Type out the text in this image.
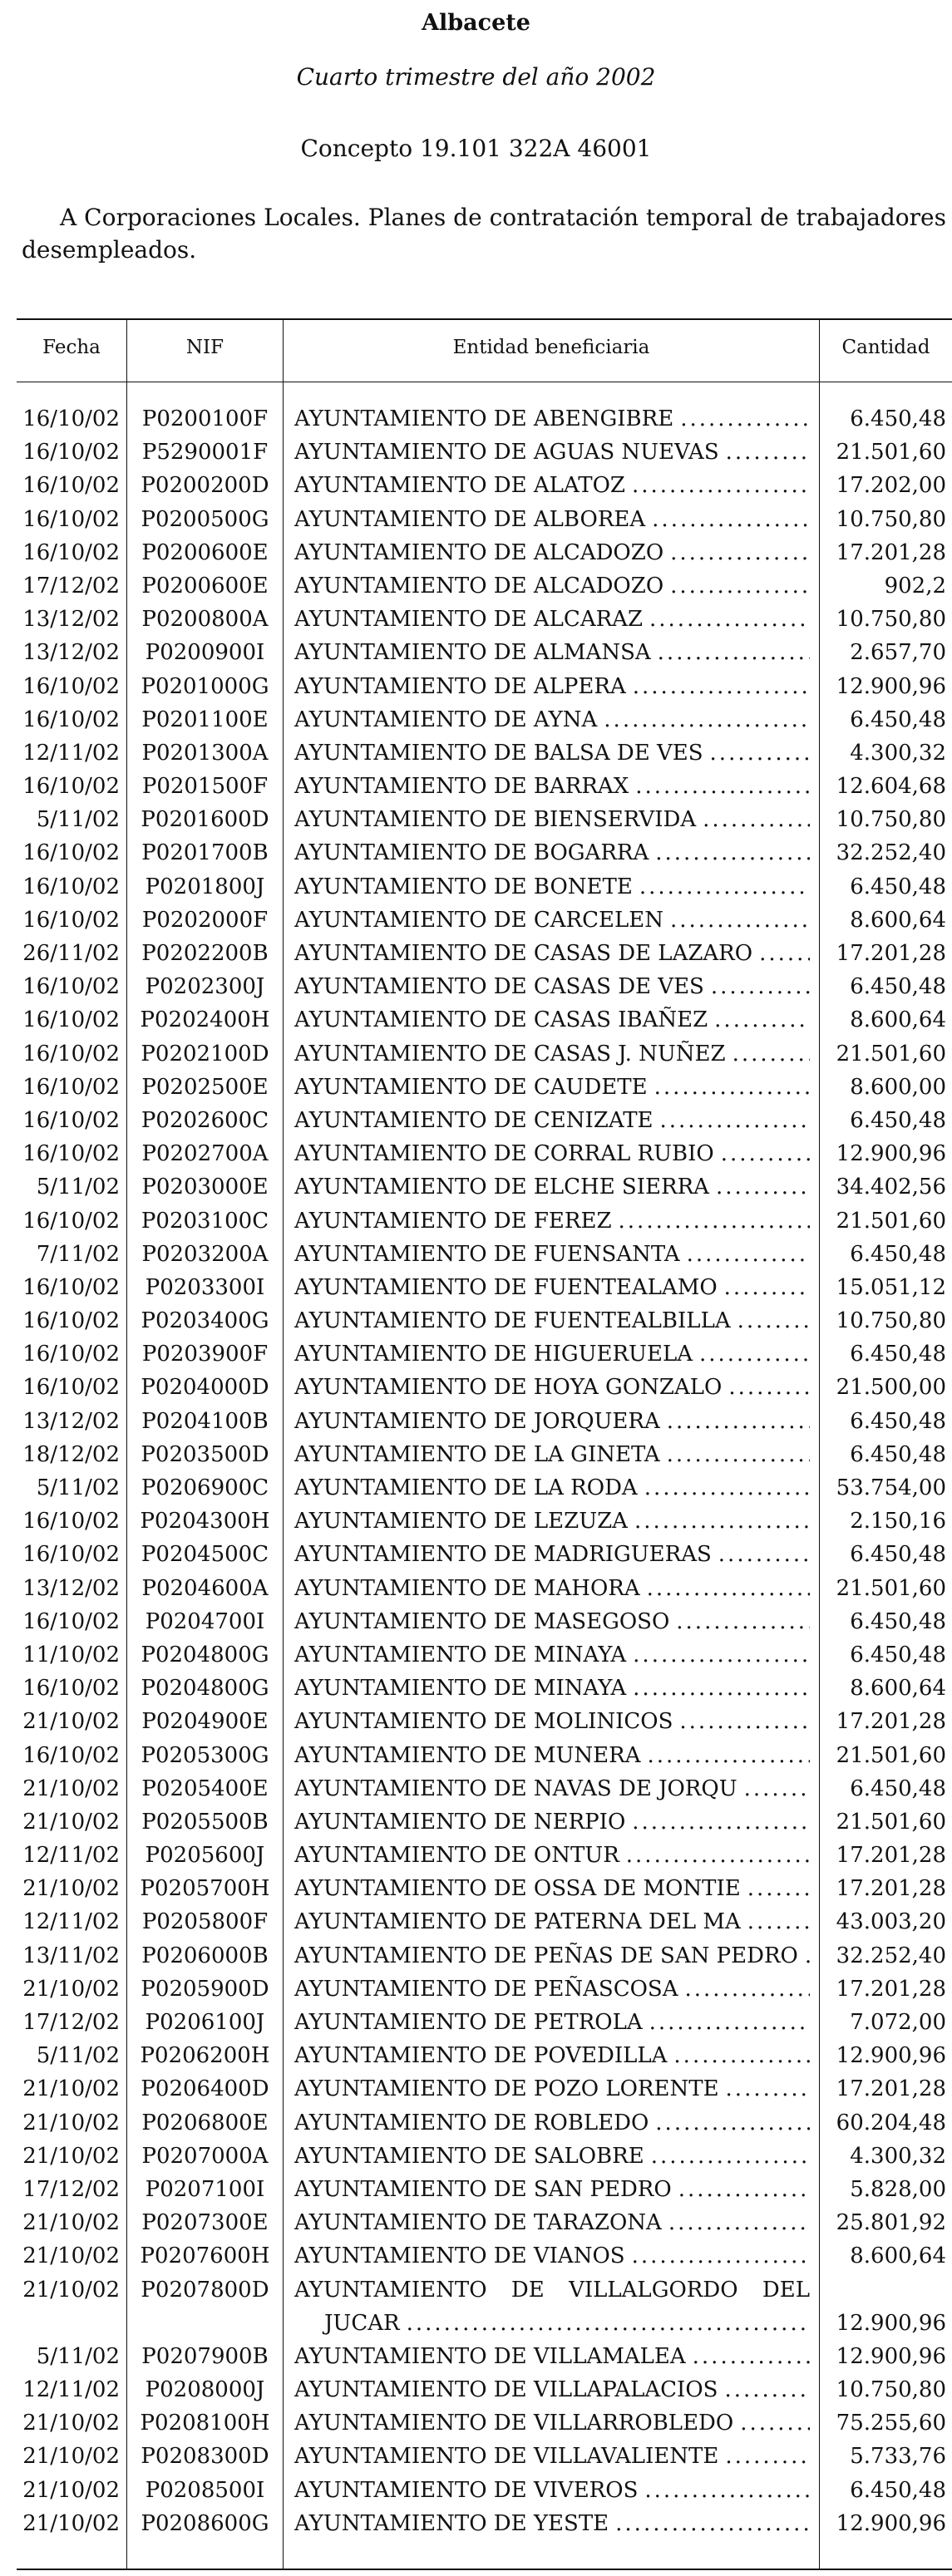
Albacete
Cuarto trimestre del año 2002
Concepto 19.101 322A 46001
A Corporaciones Locales. Planes de contratación temporal de trabajadores desempleados.
Fecha	NIF	Entidad beneficiaria	Cantidad
16/10/02	P0200100F	AYUNTAMIENTO DE ABENGIBRE .....	6.450,48
16/10/02	P5290001F	AYUNTAMIENTO DE AGUAS NUEVAS .....	21.501,60
16/10/02 P0200200D	AYUNTAMIENTO DE ALATOZ .....	17.202,00
16/10/02 P0200500G	AYUNTAMIENTO DE ALBOREA .....	10.750,80
16/10/02	P0200600E	AYUNTAMIENTO DE ALCADOZO .....	17.201,28
17/12/02	P0200600E	AYUNTAMIENTO DE ALCADOZO .....	902,2
13/12/02	P0200800A	AYUNTAMIENTO DE ALCARAZ .....	10.750,80
13/12/02	P0200900I	AYUNTAMIENTO DE ALMANSA .....	2.657,70
16/10/02 P0201000G	AYUNTAMIENTO DE ALPERA .....	12.900,96
16/10/02	P0201100E	AYUNTAMIENTO DE AYNA .....	6.450,48
12/11/02	P0201300A	AYUNTAMIENTO DE BALSA DE VES .....	4.300,32
16/10/02	P0201500F	AYUNTAMIENTO DE BARRAX .....	12.604,68
5/11/02 P0201600D	AYUNTAMIENTO DE BIENSERVIDA .....	10.750,80
16/10/02	P0201700B	AYUNTAMIENTO DE BOGARRA .....	32.252,40
16/10/02	P0201800J	AYUNTAMIENTO DE BONETE .....	6.450,48
16/10/02	P0202000F	AYUNTAMIENTO DE CARCELEN .....	8.600,64
26/11/02	P0202200B	AYUNTAMIENTO DE CASAS DE LAZARO .....	17.201,28
16/10/02	P0202300J	AYUNTAMIENTO DE CASAS DE VES .....	6.450,48
16/10/02 P0202400H	AYUNTAMIENTO DE CASAS IBAÑEZ .....	8.600,64
16/10/02 P0202100D	AYUNTAMIENTO DE CASAS J. NUÑEZ .....	21.501,60
16/10/02	P0202500E	AYUNTAMIENTO DE CAUDETE .....	8.600,00
16/10/02 P0202600C	AYUNTAMIENTO DE CENIZATE .....	6.450,48
16/10/02	P0202700A	AYUNTAMIENTO DE CORRAL RUBIO .....	12.900,96
5/11/02	P0203000E	AYUNTAMIENTO DE ELCHE SIERRA .....	34.402,56
16/10/02 P0203100C	AYUNTAMIENTO DE FEREZ .....	21.501,60
7/11/02	P0203200A	AYUNTAMIENTO DE FUENSANTA .....	6.450,48
16/10/02	P0203300I	AYUNTAMIENTO DE FUENTEALAMO .....	15.051,12
16/10/02 P0203400G	AYUNTAMIENTO DE FUENTEALBILLA .....	10.750,80
16/10/02	P0203900F	AYUNTAMIENTO DE HIGUERUELA .....	6.450,48
16/10/02 P0204000D	AYUNTAMIENTO DE HOYA GONZALO .....	21.500,00
13/12/02	P0204100B	AYUNTAMIENTO DE JORQUERA .....	6.450,48
18/12/02 P0203500D	AYUNTAMIENTO DE LA GINETA .....	6.450,48
5/11/02 P0206900C	AYUNTAMIENTO DE LA RODA .....	53.754,00
16/10/02 P0204300H	AYUNTAMIENTO DE LEZUZA .....	2.150,16
16/10/02 P0204500C	AYUNTAMIENTO DE MADRIGUERAS .....	6.450,48
13/12/02	P0204600A	AYUNTAMIENTO DE MAHORA .....	21.501,60
16/10/02	P0204700I	AYUNTAMIENTO DE MASEGOSO .....	6.450,48
11/10/02 P0204800G	AYUNTAMIENTO DE MINAYA .....	6.450,48
16/10/02 P0204800G	AYUNTAMIENTO DE MINAYA .....	8.600,64
21/10/02	P0204900E	AYUNTAMIENTO DE MOLINICOS .....	17.201,28
16/10/02 P0205300G	AYUNTAMIENTO DE MUNERA .....	21.501,60
21/10/02	P0205400E	AYUNTAMIENTO DE NAVAS DE JORQU .....	6.450,48
21/10/02	P0205500B	AYUNTAMIENTO DE NERPIO .....	21.501,60
12/11/02	P0205600J	AYUNTAMIENTO DE ONTUR .....	17.201,28
21/10/02 P0205700H	AYUNTAMIENTO DE OSSA DE MONTIE .....	17.201,28
12/11/02	P0205800F	AYUNTAMIENTO DE PATERNA DEL MA .....	43.003,20
13/11/02	P0206000B	AYUNTAMIENTO DE PEÑAS DE SAN PEDRO .....	32.252,40
21/10/02 P0205900D	AYUNTAMIENTO DE PEÑASCOSA .....	17.201,28
17/12/02	P0206100J	AYUNTAMIENTO DE PETROLA .....	7.072,00
5/11/02 P0206200H	AYUNTAMIENTO DE POVEDILLA .....	12.900,96
21/10/02 P0206400D	AYUNTAMIENTO DE POZO LORENTE .....	17.201,28
21/10/02	P0206800E	AYUNTAMIENTO DE ROBLEDO .....	60.204,48
21/10/02	P0207000A	AYUNTAMIENTO DE SALOBRE .....	4.300,32
17/12/02	P0207100I	AYUNTAMIENTO DE SAN PEDRO .....	5.828,00
21/10/02	P0207300E	AYUNTAMIENTO DE TARAZONA .....	25.801,92
21/10/02 P0207600H	AYUNTAMIENTO DE VIANOS .....	8.600,64
21/10/02 P0207800D	AYUNTAMIENTO DE VILLALGORDO DEL
JUCAR .....	12.900,96
5/11/02	P0207900B	AYUNTAMIENTO DE VILLAMALEA .....	12.900,96
12/11/02	P0208000J	AYUNTAMIENTO DE VILLAPALACIOS .....	10.750,80
21/10/02 P0208100H	AYUNTAMIENTO DE VILLARROBLEDO .....	75.255,60
21/10/02 P0208300D	AYUNTAMIENTO DE VILLAVALIENTE .....	5.733,76
21/10/02	P0208500I	AYUNTAMIENTO DE VIVEROS .....	6.450,48
21/10/02 P0208600G	AYUNTAMIENTO DE YESTE .....	12.900,96
